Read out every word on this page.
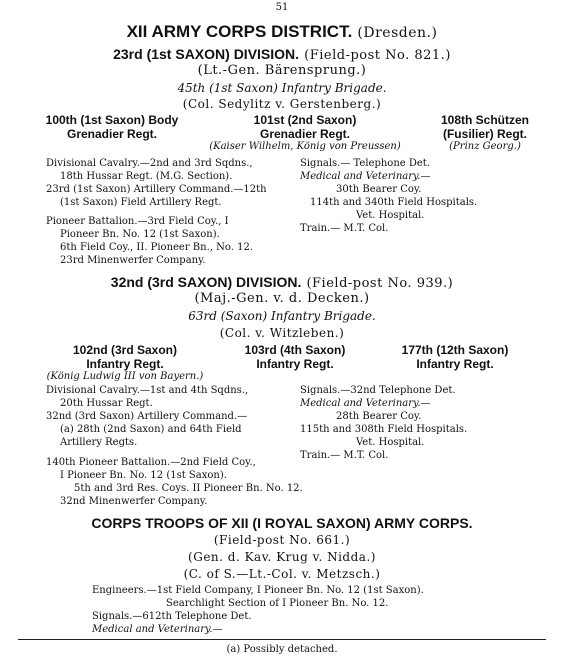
51
XII ARMY CORPS DISTRICT. (Dresden.)
23rd (1st SAXON) DIVISION. (Field-post No. 821.)
(Lt.-Gen. Bärensprung.)
45th (1st Saxon) Infantry Brigade.
(Col. Sedylitz v. Gerstenberg.)
100th (1st Saxon) Body
Grenadier Regt.
101st (2nd Saxon)
Grenadier Regt.
(Kaiser Wilhelm, König von Preussen)
108th Schützen
(Fusilier) Regt.
(Prinz Georg.)
Divisional Cavalry.—2nd and 3rd Sqdns.,
18th Hussar Regt. (M.G. Section).
23rd (1st Saxon) Artillery Command.—12th
(1st Saxon) Field Artillery Regt.
Pioneer Battalion.—3rd Field Coy., I
Pioneer Bn. No. 12 (1st Saxon).
6th Field Coy., II. Pioneer Bn., No. 12.
23rd Minenwerfer Company.
Signals.— Telephone Det.
Medical and Veterinary.—
30th Bearer Coy.
114th and 340th Field Hospitals.
Vet. Hospital.
Train.— M.T. Col.
32nd (3rd SAXON) DIVISION. (Field-post No. 939.)
(Maj.-Gen. v. d. Decken.)
63rd (Saxon) Infantry Brigade.
(Col. v. Witzleben.)
102nd (3rd Saxon)
Infantry Regt.
(König Ludwig III von Bayern.)
103rd (4th Saxon)
Infantry Regt.
177th (12th Saxon)
Infantry Regt.
Divisional Cavalry.—1st and 4th Sqdns.,
20th Hussar Regt.
32nd (3rd Saxon) Artillery Command.—
(a) 28th (2nd Saxon) and 64th Field
Artillery Regts.
140th Pioneer Battalion.—2nd Field Coy.,
I Pioneer Bn. No. 12 (1st Saxon).
5th and 3rd Res. Coys. II Pioneer Bn. No. 12.
32nd Minenwerfer Company.
Signals.—32nd Telephone Det.
Medical and Veterinary.—
28th Bearer Coy.
115th and 308th Field Hospitals.
Vet. Hospital.
Train.— M.T. Col.
CORPS TROOPS OF XII (I ROYAL SAXON) ARMY CORPS.
(Field-post No. 661.)
(Gen. d. Kav. Krug v. Nidda.)
(C. of S.—Lt.-Col. v. Metzsch.)
Engineers.—1st Field Company, I Pioneer Bn. No. 12 (1st Saxon).
Searchlight Section of I Pioneer Bn. No. 12.
Signals.—612th Telephone Det.
Medical and Veterinary.—
(a) Possibly detached.
